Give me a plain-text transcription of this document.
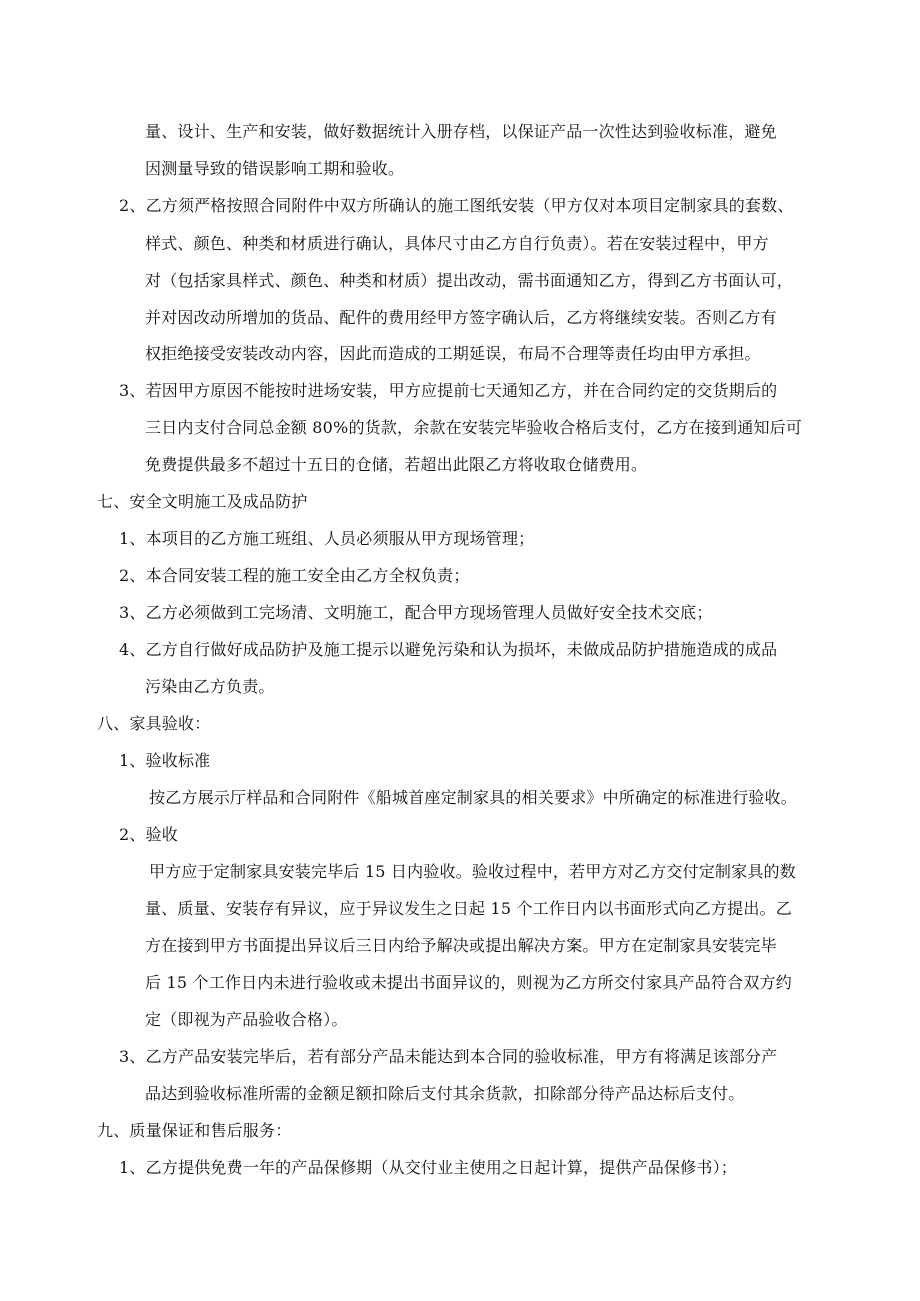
量、设计、生产和安装，做好数据统计入册存档，以保证产品一次性达到验收标准，避免
因测量导致的错误影响工期和验收。
2、乙方须严格按照合同附件中双方所确认的施工图纸安装（甲方仅对本项目定制家具的套数、
样式、颜色、种类和材质进行确认，具体尺寸由乙方自行负责）。若在安装过程中，甲方
对（包括家具样式、颜色、种类和材质）提出改动，需书面通知乙方，得到乙方书面认可，
并对因改动所增加的货品、配件的费用经甲方签字确认后，乙方将继续安装。否则乙方有
权拒绝接受安装改动内容，因此而造成的工期延误，布局不合理等责任均由甲方承担。
3、若因甲方原因不能按时进场安装，甲方应提前七天通知乙方，并在合同约定的交货期后的
三日内支付合同总金额 80%的货款，余款在安装完毕验收合格后支付，乙方在接到通知后可
免费提供最多不超过十五日的仓储，若超出此限乙方将收取仓储费用。
七、安全文明施工及成品防护
1、本项目的乙方施工班组、人员必须服从甲方现场管理；
2、本合同安装工程的施工安全由乙方全权负责；
3、乙方必须做到工完场清、文明施工，配合甲方现场管理人员做好安全技术交底；
4、乙方自行做好成品防护及施工提示以避免污染和认为损坏，未做成品防护措施造成的成品
污染由乙方负责。
八、家具验收：
1、验收标准
按乙方展示厅样品和合同附件《船城首座定制家具的相关要求》中所确定的标准进行验收。
2、验收
甲方应于定制家具安装完毕后 15 日内验收。验收过程中，若甲方对乙方交付定制家具的数
量、质量、安装存有异议，应于异议发生之日起 15 个工作日内以书面形式向乙方提出。乙
方在接到甲方书面提出异议后三日内给予解决或提出解决方案。甲方在定制家具安装完毕
后 15 个工作日内未进行验收或未提出书面异议的，则视为乙方所交付家具产品符合双方约
定（即视为产品验收合格）。
3、乙方产品安装完毕后，若有部分产品未能达到本合同的验收标准，甲方有将满足该部分产
品达到验收标准所需的金额足额扣除后支付其余货款，扣除部分待产品达标后支付。
九、质量保证和售后服务：
1、乙方提供免费一年的产品保修期（从交付业主使用之日起计算，提供产品保修书）；
